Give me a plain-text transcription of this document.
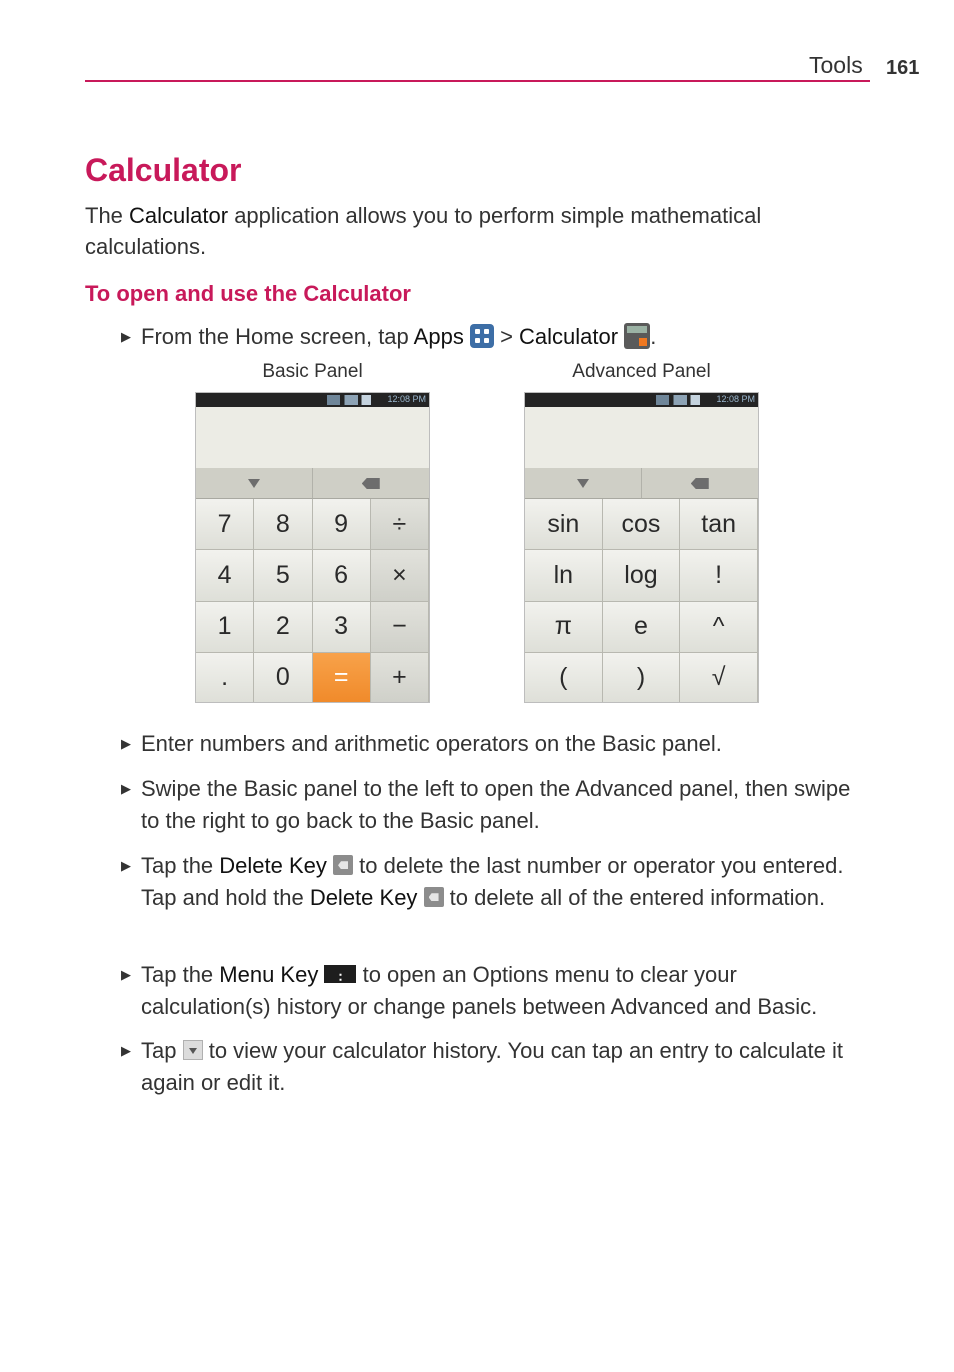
Tools 161
Calculator

The Calculator application allows you to perform simple mathematical calculations.

To open and use the Calculator
▶ From the Home screen, tap Apps
> Calculator .
Basic Panel	Advanced Panel
12:08 PM
7	8	9	÷
4	5	6	×
1	2	3	−
.	0	=	+
12:08 PM
sin	cos	tan
ln	log	!
π	e	^
(	)	√
▶ Enter numbers and arithmetic operators on the Basic panel.
▶ Swipe the Basic panel to the left to open the Advanced panel, then swipe to the right to go back to the Basic panel.
▶ Tap the Delete Key  to delete the last number or operator you entered. Tap and hold the Delete Key  to delete all of the entered information.
▶ Tap the Menu Key ⋮ to open an Options menu to clear your calculation(s) history or change panels between Advanced and Basic.
▶ Tap  to view your calculator history. You can tap an entry to calculate it again or edit it.
